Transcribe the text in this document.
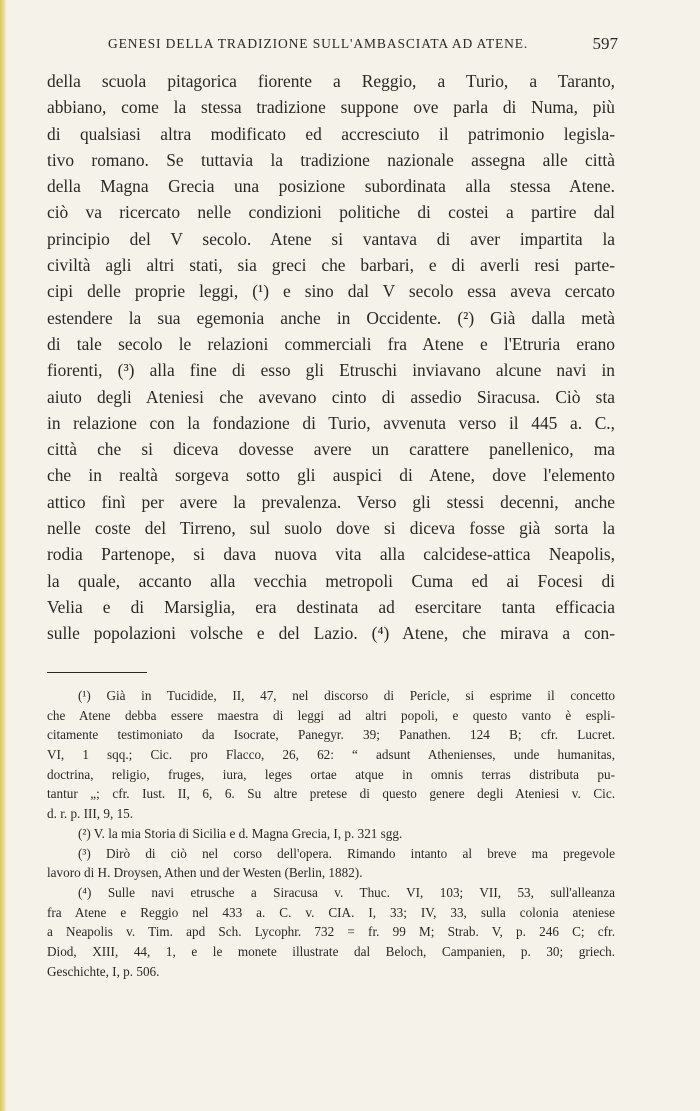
GENESI DELLA TRADIZIONE SULL'AMBASCIATA AD ATENE.	597
della scuola pitagorica fiorente a Reggio, a Turio, a Taranto,
abbiano, come la stessa tradizione suppone ove parla di Numa, più
di qualsiasi altra modificato ed accresciuto il patrimonio legisla-
tivo romano. Se tuttavia la tradizione nazionale assegna alle città
della Magna Grecia una posizione subordinata alla stessa Atene.
ciò va ricercato nelle condizioni politiche di costei a partire dal
principio del V secolo. Atene si vantava di aver impartita la
civiltà agli altri stati, sia greci che barbari, e di averli resi parte-
cipi delle proprie leggi, (¹) e sino dal V secolo essa aveva cercato
estendere la sua egemonia anche in Occidente. (²) Già dalla metà
di tale secolo le relazioni commerciali fra Atene e l'Etruria erano
fiorenti, (³) alla fine di esso gli Etruschi inviavano alcune navi in
aiuto degli Ateniesi che avevano cinto di assedio Siracusa. Ciò sta
in relazione con la fondazione di Turio, avvenuta verso il 445 a. C.,
città che si diceva dovesse avere un carattere panellenico, ma
che in realtà sorgeva sotto gli auspici di Atene, dove l'elemento
attico finì per avere la prevalenza. Verso gli stessi decenni, anche
nelle coste del Tirreno, sul suolo dove si diceva fosse già sorta la
rodia Partenope, si dava nuova vita alla calcidese-attica Neapolis,
la quale, accanto alla vecchia metropoli Cuma ed ai Focesi di
Velia e di Marsiglia, era destinata ad esercitare tanta efficacia
sulle popolazioni volsche e del Lazio. (⁴) Atene, che mirava a con-
(¹) Già in Tucidide, II, 47, nel discorso di Pericle, si esprime il concetto
che Atene debba essere maestra di leggi ad altri popoli, e questo vanto è espli-
citamente testimoniato da Isocrate, Panegyr. 39; Panathen. 124 B; cfr. Lucret.
VI, 1 sqq.; Cic. pro Flacco, 26, 62: “ adsunt Athenienses, unde humanitas,
doctrina, religio, fruges, iura, leges ortae atque in omnis terras distributa pu-
tantur „; cfr. Iust. II, 6, 6. Su altre pretese di questo genere degli Ateniesi v. Cic.
d. r. p. III, 9, 15.
(²) V. la mia Storia di Sicilia e d. Magna Grecia, I, p. 321 sgg.
(³) Dirò di ciò nel corso dell'opera. Rimando intanto al breve ma pregevole
lavoro di H. Droysen, Athen und der Westen (Berlin, 1882).
(⁴) Sulle navi etrusche a Siracusa v. Thuc. VI, 103; VII, 53, sull'alleanza
fra Atene e Reggio nel 433 a. C. v. CIA. I, 33; IV, 33, sulla colonia ateniese
a Neapolis v. Tim. apd Sch. Lycophr. 732 = fr. 99 M; Strab. V, p. 246 C; cfr.
Diod, XIII, 44, 1, e le monete illustrate dal Beloch, Campanien, p. 30; griech.
Geschichte, I, p. 506.
